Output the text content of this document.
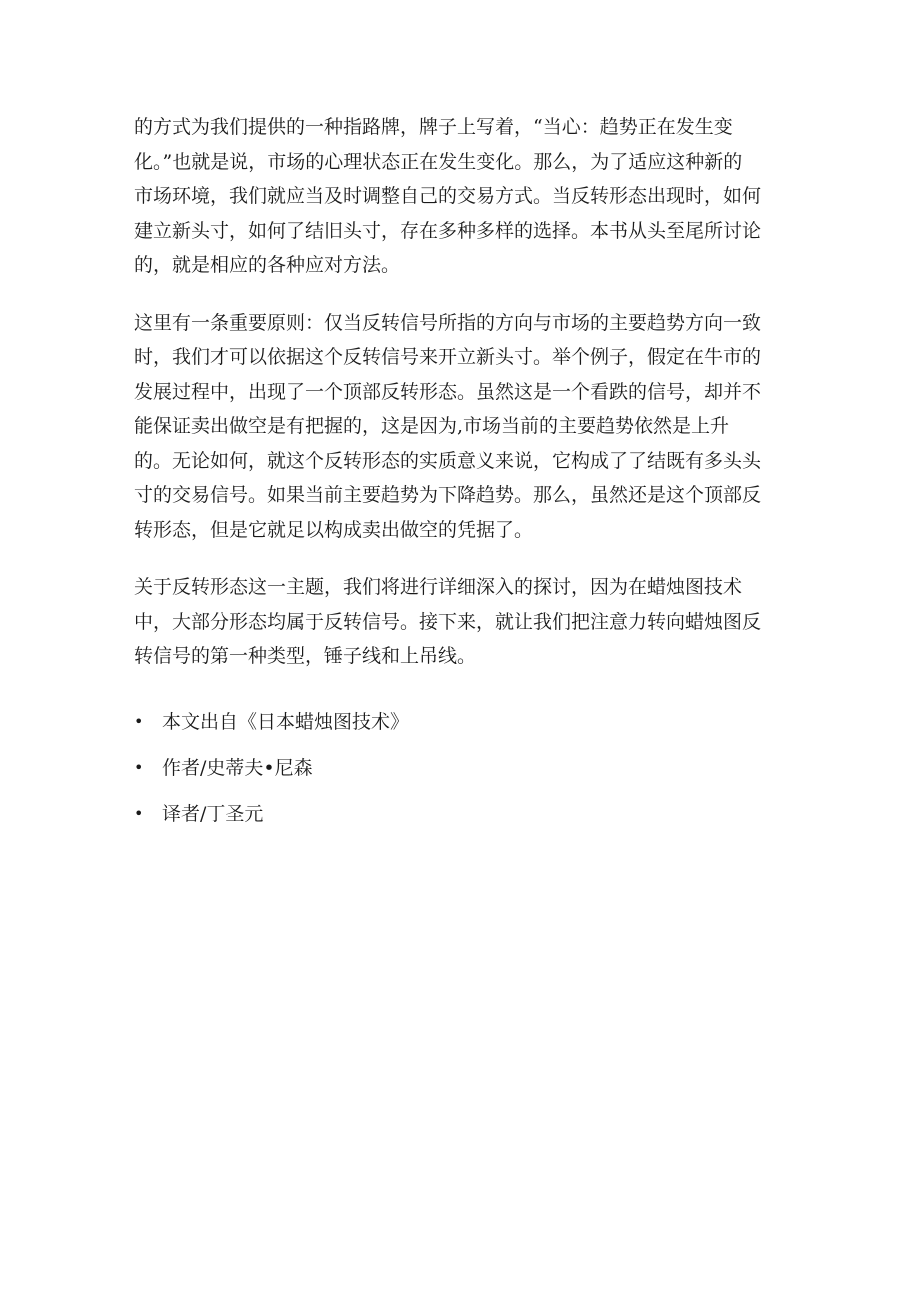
的方式为我们提供的一种指路牌，牌子上写着，“当心：趋势正在发生变
化。”也就是说，市场的心理状态正在发生变化。那么，为了适应这种新的
市场环境，我们就应当及时调整自己的交易方式。当反转形态出现时，如何
建立新头寸，如何了结旧头寸，存在多种多样的选择。本书从头至尾所讨论
的，就是相应的各种应对方法。

这里有一条重要原则：仅当反转信号所指的方向与市场的主要趋势方向一致
时，我们才可以依据这个反转信号来开立新头寸。举个例子，假定在牛市的
发展过程中，出现了一个顶部反转形态。虽然这是一个看跌的信号，却并不
能保证卖出做空是有把握的，这是因为,市场当前的主要趋势依然是上升
的。无论如何，就这个反转形态的实质意义来说，它构成了了结既有多头头
寸的交易信号。如果当前主要趋势为下降趋势。那么，虽然还是这个顶部反
转形态，但是它就足以构成卖出做空的凭据了。

关于反转形态这一主题，我们将进行详细深入的探讨，因为在蜡烛图技术
中，大部分形态均属于反转信号。接下来，就让我们把注意力转向蜡烛图反
转信号的第一种类型，锤子线和上吊线。

• 本文出自《日本蜡烛图技术》
• 作者/史蒂夫•尼森
• 译者/丁圣元
